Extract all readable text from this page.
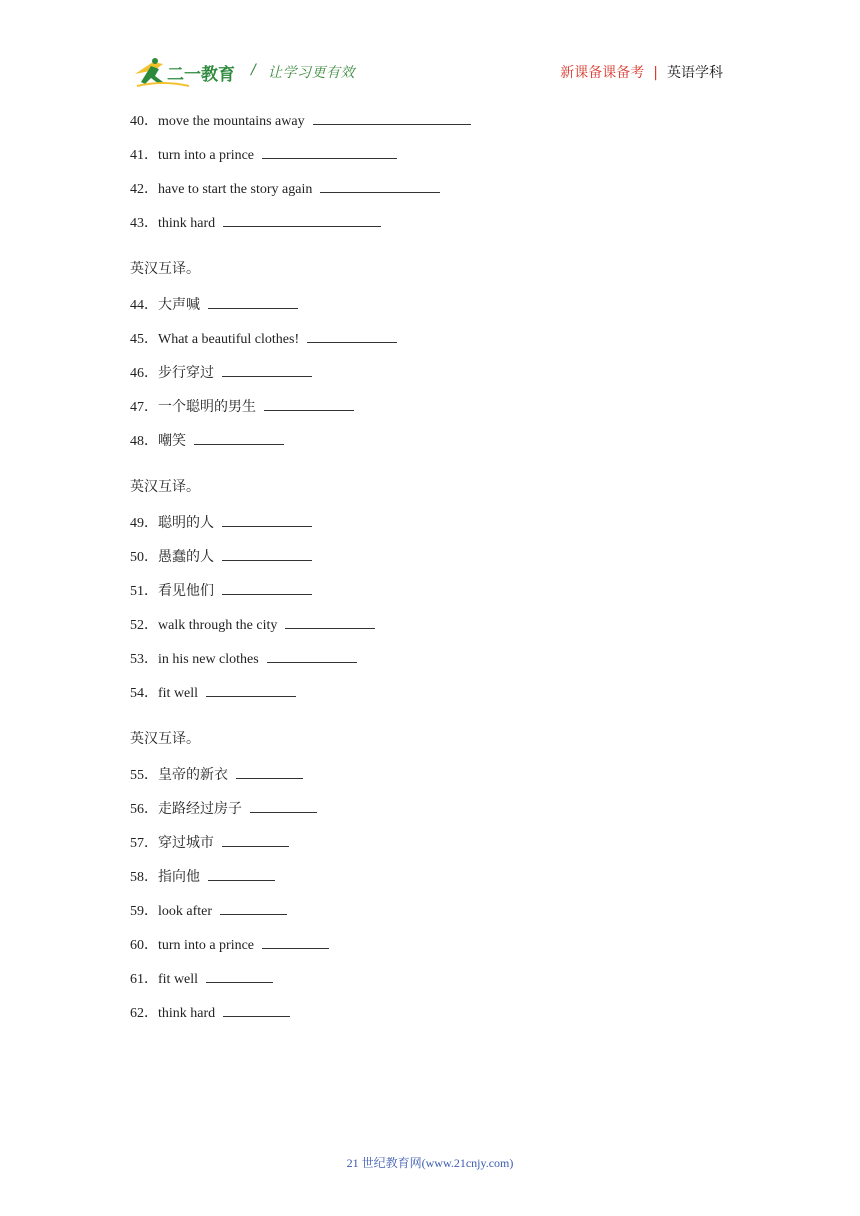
二一教育 / 让学习更有效	新课备课备考 | 英语学科
40．move the mountains away
41．turn into a prince
42．have to start the story again
43．think hard
英汉互译。
44．大声喊
45．What a beautiful clothes!
46．步行穿过
47．一个聪明的男生
48．嘲笑
英汉互译。
49．聪明的人
50．愚蠢的人
51．看见他们
52．walk through the city
53．in his new clothes
54．fit well
英汉互译。
55．皇帝的新衣
56．走路经过房子
57．穿过城市
58．指向他
59．look after
60．turn into a prince
61．fit well
62．think hard
21 世纪教育网(www.21cnjy.com)
